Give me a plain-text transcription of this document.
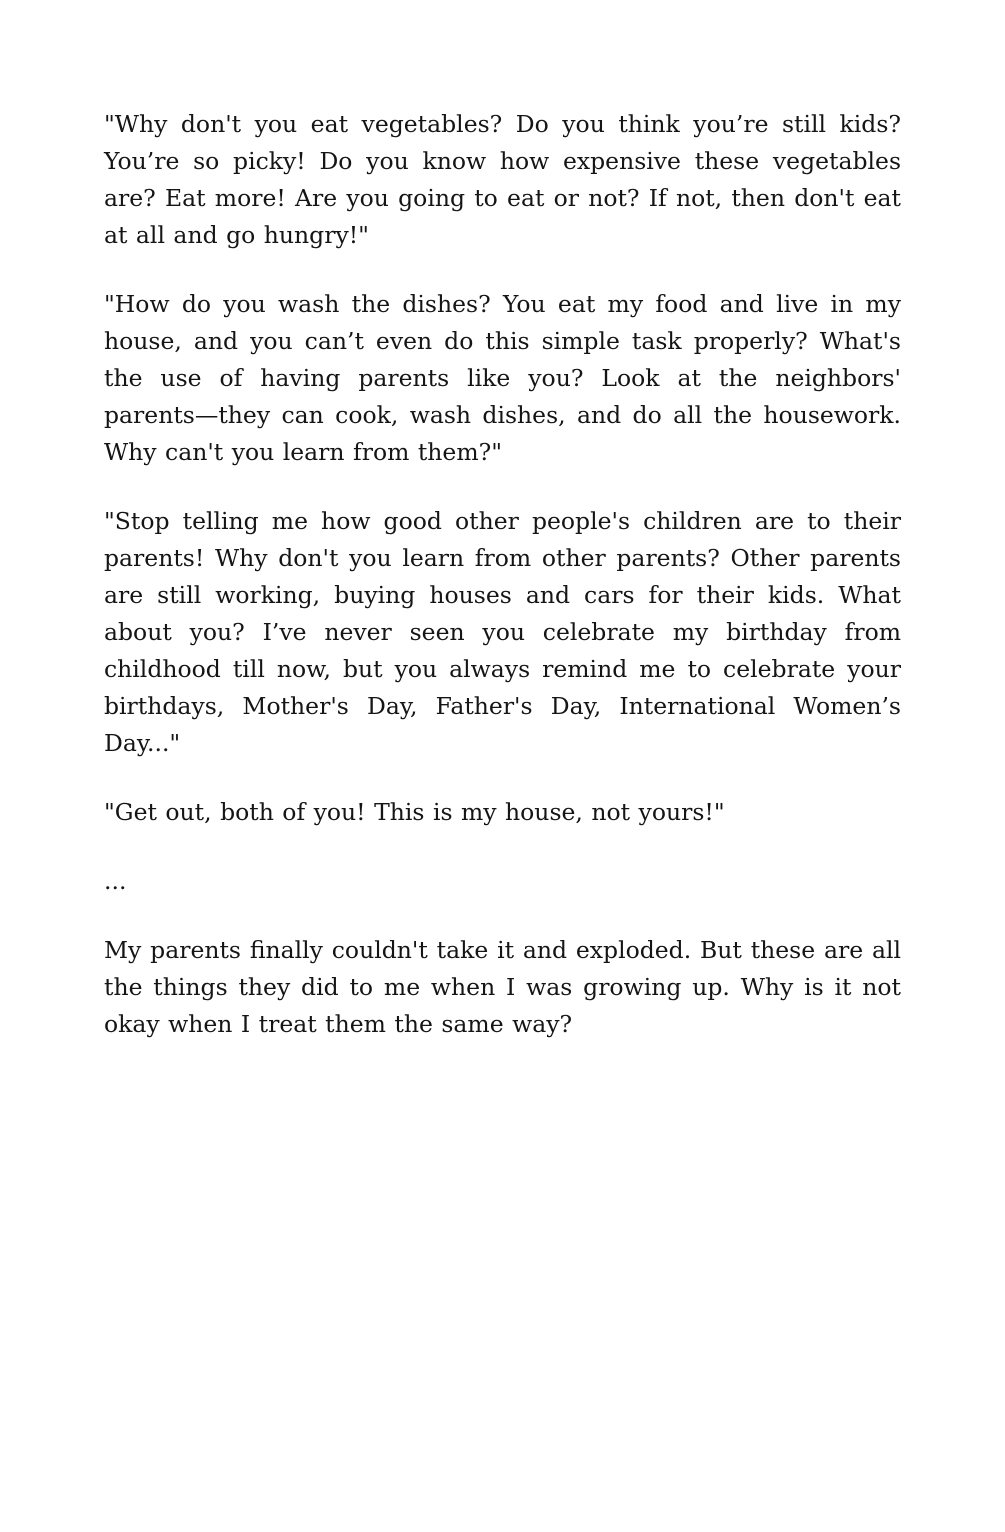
"Why don't you eat vegetables? Do you think you’re still kids? You’re so picky! Do you know how expensive these vegetables are? Eat more! Are you going to eat or not? If not, then don't eat at all and go hungry!"

"How do you wash the dishes? You eat my food and live in my house, and you can’t even do this simple task properly? What's the use of having parents like you? Look at the neighbors' parents—they can cook, wash dishes, and do all the housework. Why can't you learn from them?"

"Stop telling me how good other people's children are to their parents! Why don't you learn from other parents? Other parents are still working, buying houses and cars for their kids. What about you? I’ve never seen you celebrate my birthday from childhood till now, but you always remind me to celebrate your birthdays, Mother's Day, Father's Day, International Women’s Day..."

"Get out, both of you! This is my house, not yours!"

...

My parents finally couldn't take it and exploded. But these are all the things they did to me when I was growing up. Why is it not okay when I treat them the same way?
